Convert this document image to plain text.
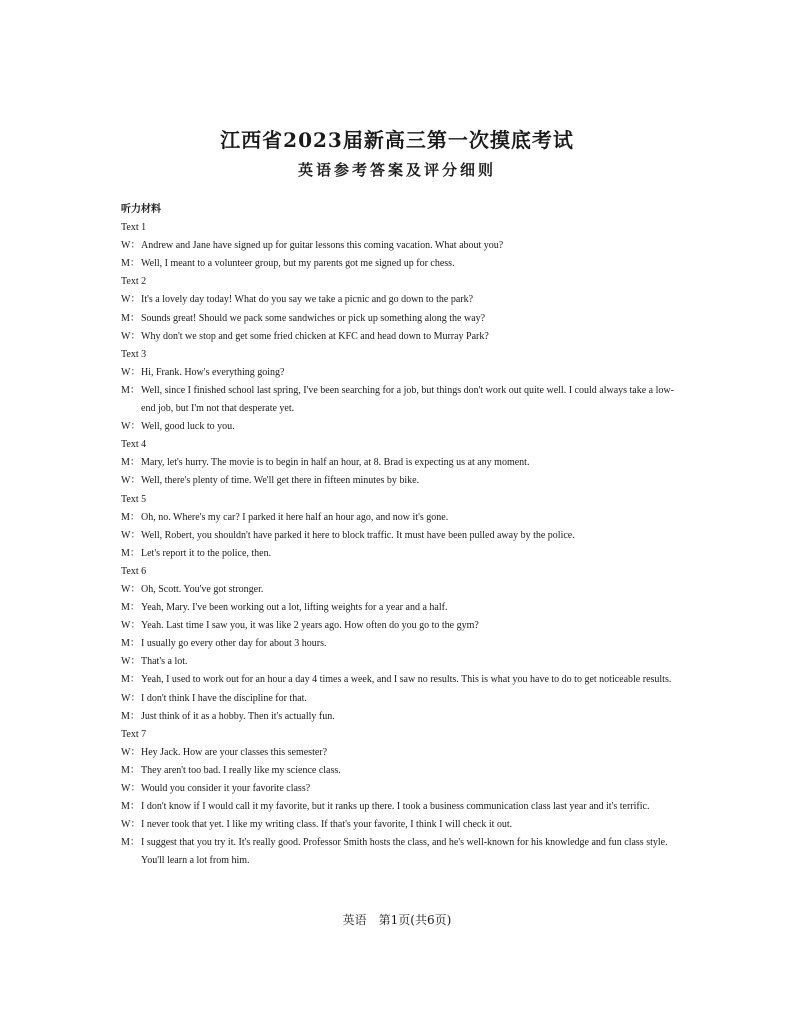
江西省2023届新高三第一次摸底考试
英语参考答案及评分细则
听力材料
Text 1
W：Andrew and Jane have signed up for guitar lessons this coming vacation. What about you?
M：Well, I meant to a volunteer group, but my parents got me signed up for chess.
Text 2
W：It's a lovely day today! What do you say we take a picnic and go down to the park?
M：Sounds great! Should we pack some sandwiches or pick up something along the way?
W：Why don't we stop and get some fried chicken at KFC and head down to Murray Park?
Text 3
W：Hi, Frank. How's everything going?
M：Well, since I finished school last spring, I've been searching for a job, but things don't work out quite well. I could always take a low-end job, but I'm not that desperate yet.
W：Well, good luck to you.
Text 4
M：Mary, let's hurry. The movie is to begin in half an hour, at 8. Brad is expecting us at any moment.
W：Well, there's plenty of time. We'll get there in fifteen minutes by bike.
Text 5
M：Oh, no. Where's my car? I parked it here half an hour ago, and now it's gone.
W：Well, Robert, you shouldn't have parked it here to block traffic. It must have been pulled away by the police.
M：Let's report it to the police, then.
Text 6
W：Oh, Scott. You've got stronger.
M：Yeah, Mary. I've been working out a lot, lifting weights for a year and a half.
W：Yeah. Last time I saw you, it was like 2 years ago. How often do you go to the gym?
M：I usually go every other day for about 3 hours.
W：That's a lot.
M：Yeah, I used to work out for an hour a day 4 times a week, and I saw no results. This is what you have to do to get noticeable results.
W：I don't think I have the discipline for that.
M：Just think of it as a hobby. Then it's actually fun.
Text 7
W：Hey Jack. How are your classes this semester?
M：They aren't too bad. I really like my science class.
W：Would you consider it your favorite class?
M：I don't know if I would call it my favorite, but it ranks up there. I took a business communication class last year and it's terrific.
W：I never took that yet. I like my writing class. If that's your favorite, I think I will check it out.
M：I suggest that you try it. It's really good. Professor Smith hosts the class, and he's well-known for his knowledge and fun class style. You'll learn a lot from him.
英语　第1页(共6页)
